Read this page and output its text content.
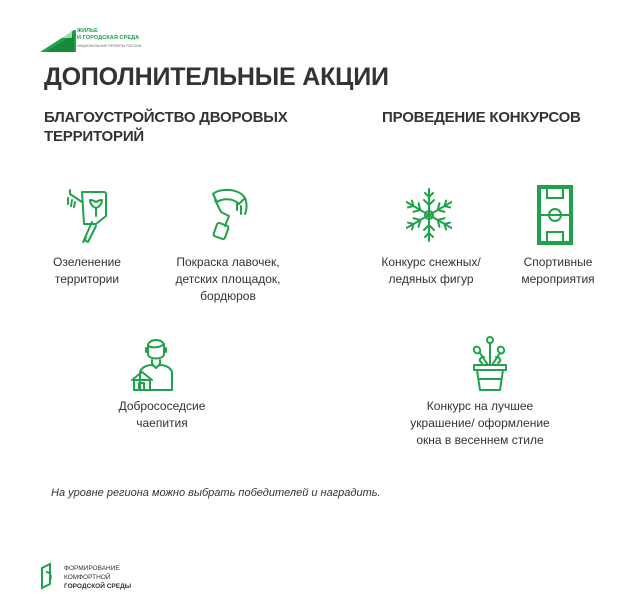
ЖИЛЬЕ
И ГОРОДСКАЯ СРЕДА
НАЦИОНАЛЬНЫЕ ПРОЕКТЫ РОССИИ
ДОПОЛНИТЕЛЬНЫЕ АКЦИИ
БЛАГОУСТРОЙСТВО ДВОРОВЫХ
ТЕРРИТОРИЙ
ПРОВЕДЕНИЕ КОНКУРСОВ
Озеленение
территории
Покраска лавочек,
детских площадок,
бордюров
Добрососедсие
чаепития
Конкурс снежных/
ледяных фигур
Спортивные
мероприятия
Конкурс на лучшее
украшение/ оформление
окна в весеннем стиле
На уровне региона можно выбрать победителей и наградить.
ФОРМИРОВАНИЕ
КОМФОРТНОЙ
ГОРОДСКОЙ СРЕДЫ
